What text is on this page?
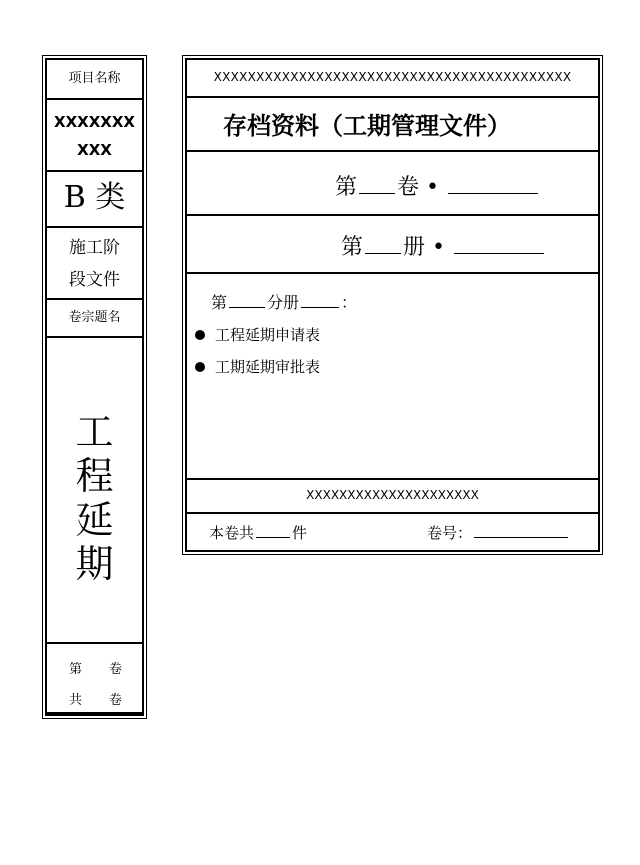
项目名称
XXXXXXX
XXX
B 类
施工阶
段文件
卷宗题名
工
程
延
期
第 卷
共 卷
XXXXXXXXXXXXXXXXXXXXXXXXXXXXXXXXXXXXXXXXXX
存档资料（工期管理文件）
第 卷 •
第 册 •
第	分册	：
工程延期申请表
工期延期审批表
XXXXXXXXXXXXXXXXXXXXX
本卷共	件	卷号：
